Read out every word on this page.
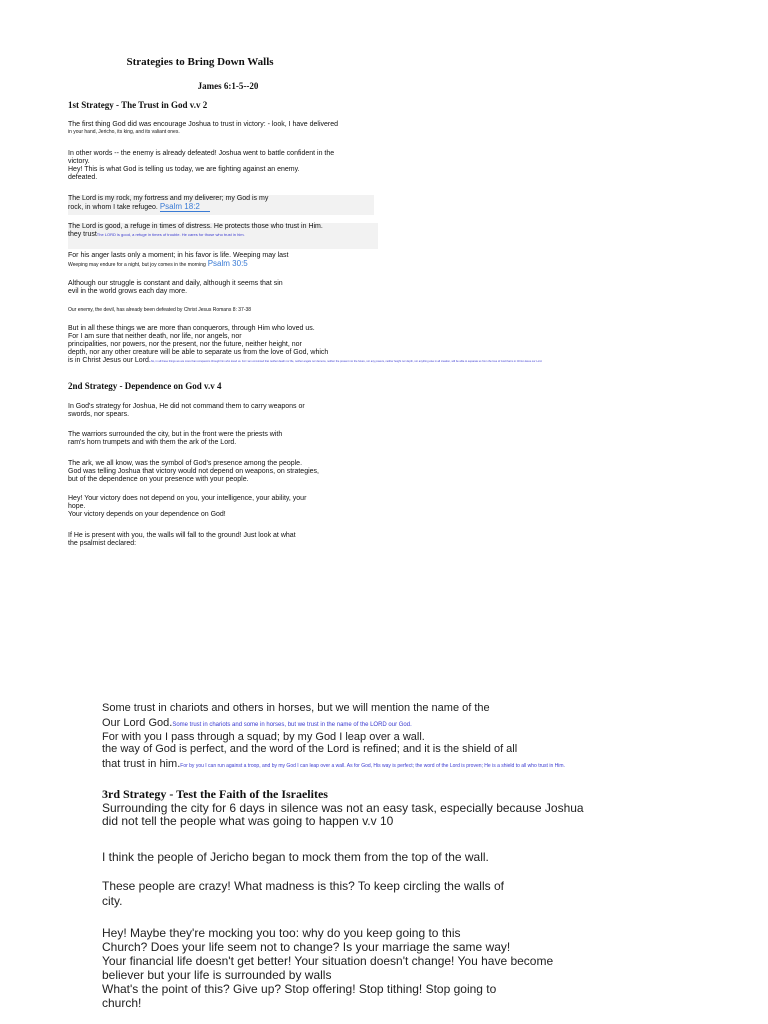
Strategies to Bring Down Walls
James 6:1-5--20
1st Strategy - The Trust in God v.v 2
The first thing God did was encourage Joshua to trust in victory: - look, I have delivered
in your hand, Jericho, its king, and its valiant ones.
In other words -- the enemy is already defeated! Joshua went to battle confident in the
victory.
Hey! This is what God is telling us today, we are fighting against an enemy.
defeated.
The Lord is my rock, my fortress and my deliverer; my God is my
rock, in whom I take refugeo. Psalm 18:2
The Lord is good, a refuge in times of distress. He protects those who trust in Him.
they trustThe LORD is good, a refuge in times of trouble. He cares for those who trust in him.
For his anger lasts only a moment; in his favor is life. Weeping may last
Weeping may endure for a night, but joy comes in the morning Psalm 30:5
Although our struggle is constant and daily, although it seems that sin
evil in the world grows each day more.
Our enemy, the devil, has already been defeated by Christ Jesus Romans 8: 37-38
But in all these things we are more than conquerors, through Him who loved us.
For I am sure that neither death, nor life, nor angels, nor
principalities, nor powers, nor the present, nor the future, neither height, nor
depth, nor any other creature will be able to separate us from the love of God, which
is in Christ Jesus our Lord.No, in all these things we are more than conquerors through him who loved us. For I am convinced that neither death nor life, neither angels nor demons, neither the present nor the future, nor any powers, neither height nor depth, nor anything else in all creation, will be able to separate us from the love of God that is in Christ Jesus our Lord.
2nd Strategy - Dependence on God v.v 4
In God's strategy for Joshua, He did not command them to carry weapons or
swords, nor spears.
The warriors surrounded the city, but in the front were the priests with
ram's horn trumpets and with them the ark of the Lord.
The ark, we all know, was the symbol of God's presence among the people.
God was telling Joshua that victory would not depend on weapons, on strategies,
but of the dependence on your presence with your people.
Hey! Your victory does not depend on you, your intelligence, your ability, your
hope.
Your victory depends on your dependence on God!
If He is present with you, the walls will fall to the ground! Just look at what
the psalmist declared:
Some trust in chariots and others in horses, but we will mention the name of the
Our Lord God.Some trust in chariots and some in horses, but we trust in the name of the LORD our God.
For with you I pass through a squad; by my God I leap over a wall.
the way of God is perfect, and the word of the Lord is refined; and it is the shield of all
that trust in him.For by you I can run against a troop, and by my God I can leap over a wall. As for God, His way is perfect; the word of the Lord is proven; He is a shield to all who trust in Him.
3rd Strategy - Test the Faith of the Israelites
Surrounding the city for 6 days in silence was not an easy task, especially because Joshua
did not tell the people what was going to happen v.v 10
I think the people of Jericho began to mock them from the top of the wall.
These people are crazy! What madness is this? To keep circling the walls of
city.
Hey! Maybe they're mocking you too: why do you keep going to this
Church? Does your life seem not to change? Is your marriage the same way!
Your financial life doesn't get better! Your situation doesn't change! You have become
believer but your life is surrounded by walls
What's the point of this? Give up? Stop offering! Stop tithing! Stop going to
church!
